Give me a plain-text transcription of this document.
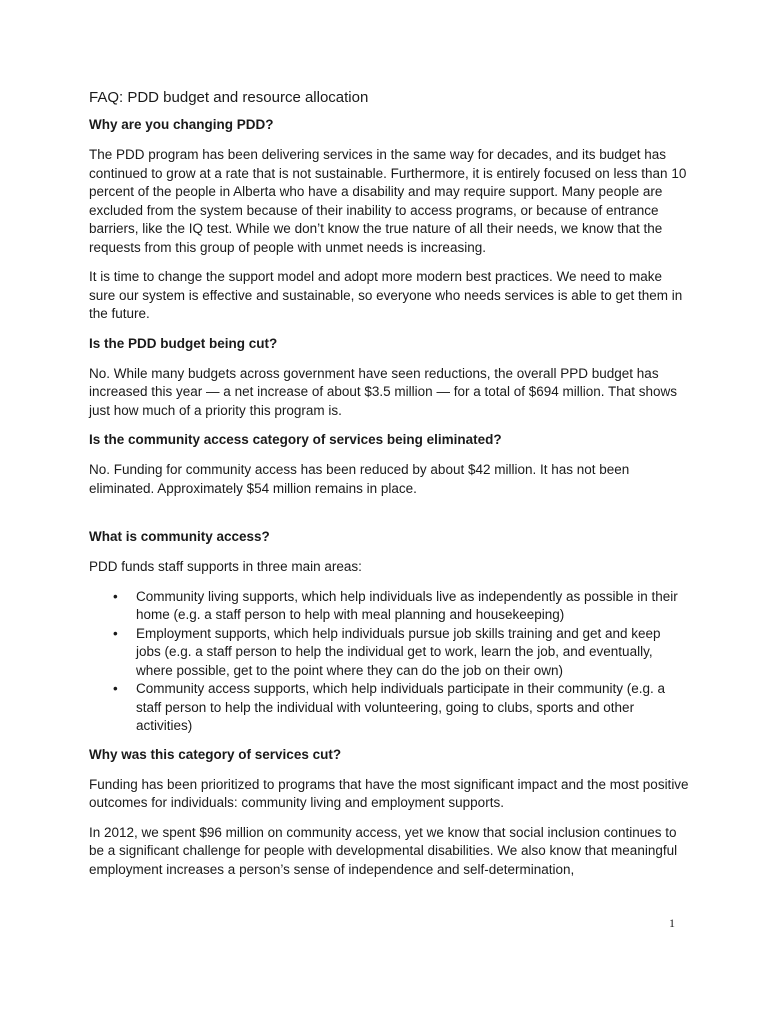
FAQ: PDD budget and resource allocation
Why are you changing PDD?

The PDD program has been delivering services in the same way for decades, and its budget has continued to grow at a rate that is not sustainable. Furthermore, it is entirely focused on less than 10 percent of the people in Alberta who have a disability and may require support. Many people are excluded from the system because of their inability to access programs, or because of entrance barriers, like the IQ test. While we don’t know the true nature of all their needs, we know that the requests from this group of people with unmet needs is increasing.

It is time to change the support model and adopt more modern best practices. We need to make sure our system is effective and sustainable, so everyone who needs services is able to get them in the future.

Is the PDD budget being cut?

No. While many budgets across government have seen reductions, the overall PPD budget has increased this year — a net increase of about $3.5 million — for a total of $694 million. That shows just how much of a priority this program is.

Is the community access category of services being eliminated?

No. Funding for community access has been reduced by about $42 million. It has not been eliminated. Approximately $54 million remains in place.

What is community access?

PDD funds staff supports in three main areas:

• Community living supports, which help individuals live as independently as possible in their home (e.g. a staff person to help with meal planning and housekeeping)
• Employment supports, which help individuals pursue job skills training and get and keep jobs (e.g. a staff person to help the individual get to work, learn the job, and eventually, where possible, get to the point where they can do the job on their own)
• Community access supports, which help individuals participate in their community (e.g. a staff person to help the individual with volunteering, going to clubs, sports and other activities)
Why was this category of services cut?

Funding has been prioritized to programs that have the most significant impact and the most positive outcomes for individuals: community living and employment supports.

In 2012, we spent $96 million on community access, yet we know that social inclusion continues to be a significant challenge for people with developmental disabilities. We also know that meaningful employment increases a person’s sense of independence and self-determination,

1
